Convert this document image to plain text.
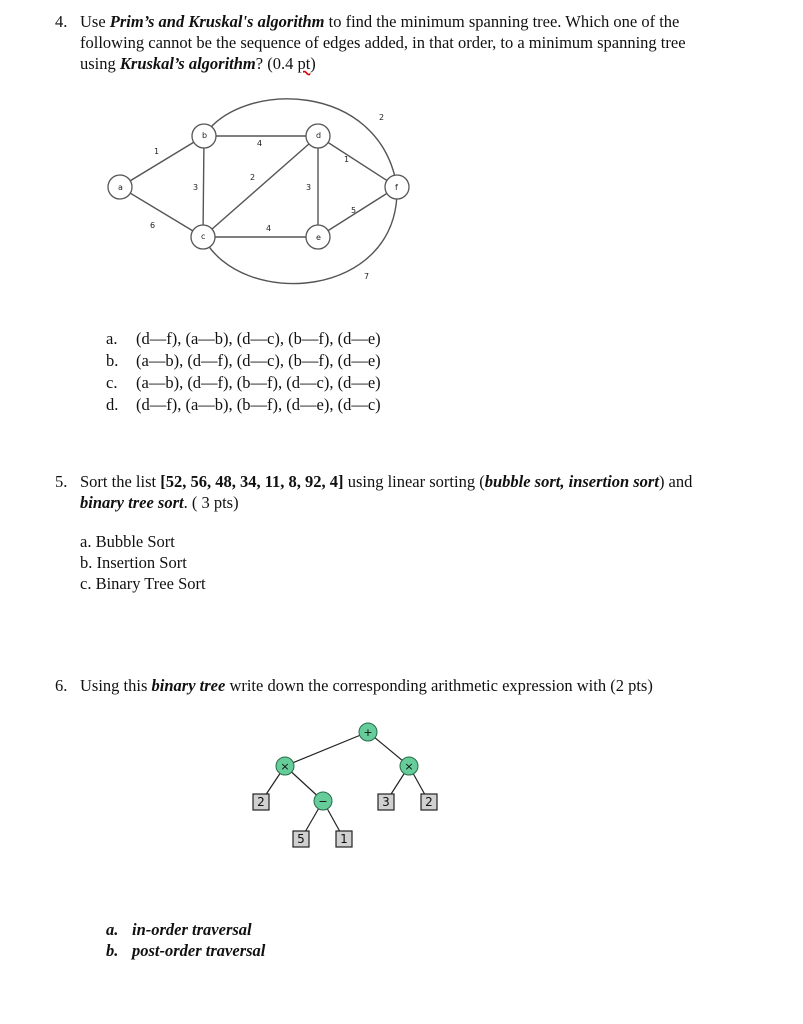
4. Use Prim’s and Kruskal's algorithm to find the minimum spanning tree. Which one of the
following cannot be the sequence of edges added, in that order, to a minimum spanning tree
using Kruskal’s algorithm? (0.4 pt)
1
6
3
4
2
4
3
1
5
2
7
a
b
c
d
e
f
a. (d—f), (a—b), (d—c), (b—f), (d—e)
b. (a—b), (d—f), (d—c), (b—f), (d—e)
c. (a—b), (d—f), (b—f), (d—c), (d—e)
d. (d—f), (a—b), (b—f), (d—e), (d—c)
5. Sort the list [52, 56, 48, 34, 11, 8, 92, 4] using linear sorting (bubble sort, insertion sort) and
binary tree sort. ( 3 pts)
a. Bubble Sort
b. Insertion Sort
c. Binary Tree Sort
6. Using this binary tree write down the corresponding arithmetic expression with (2 pts)
+
×	×
−
2
5	1
3	2
a. in-order traversal
b. post-order traversal
